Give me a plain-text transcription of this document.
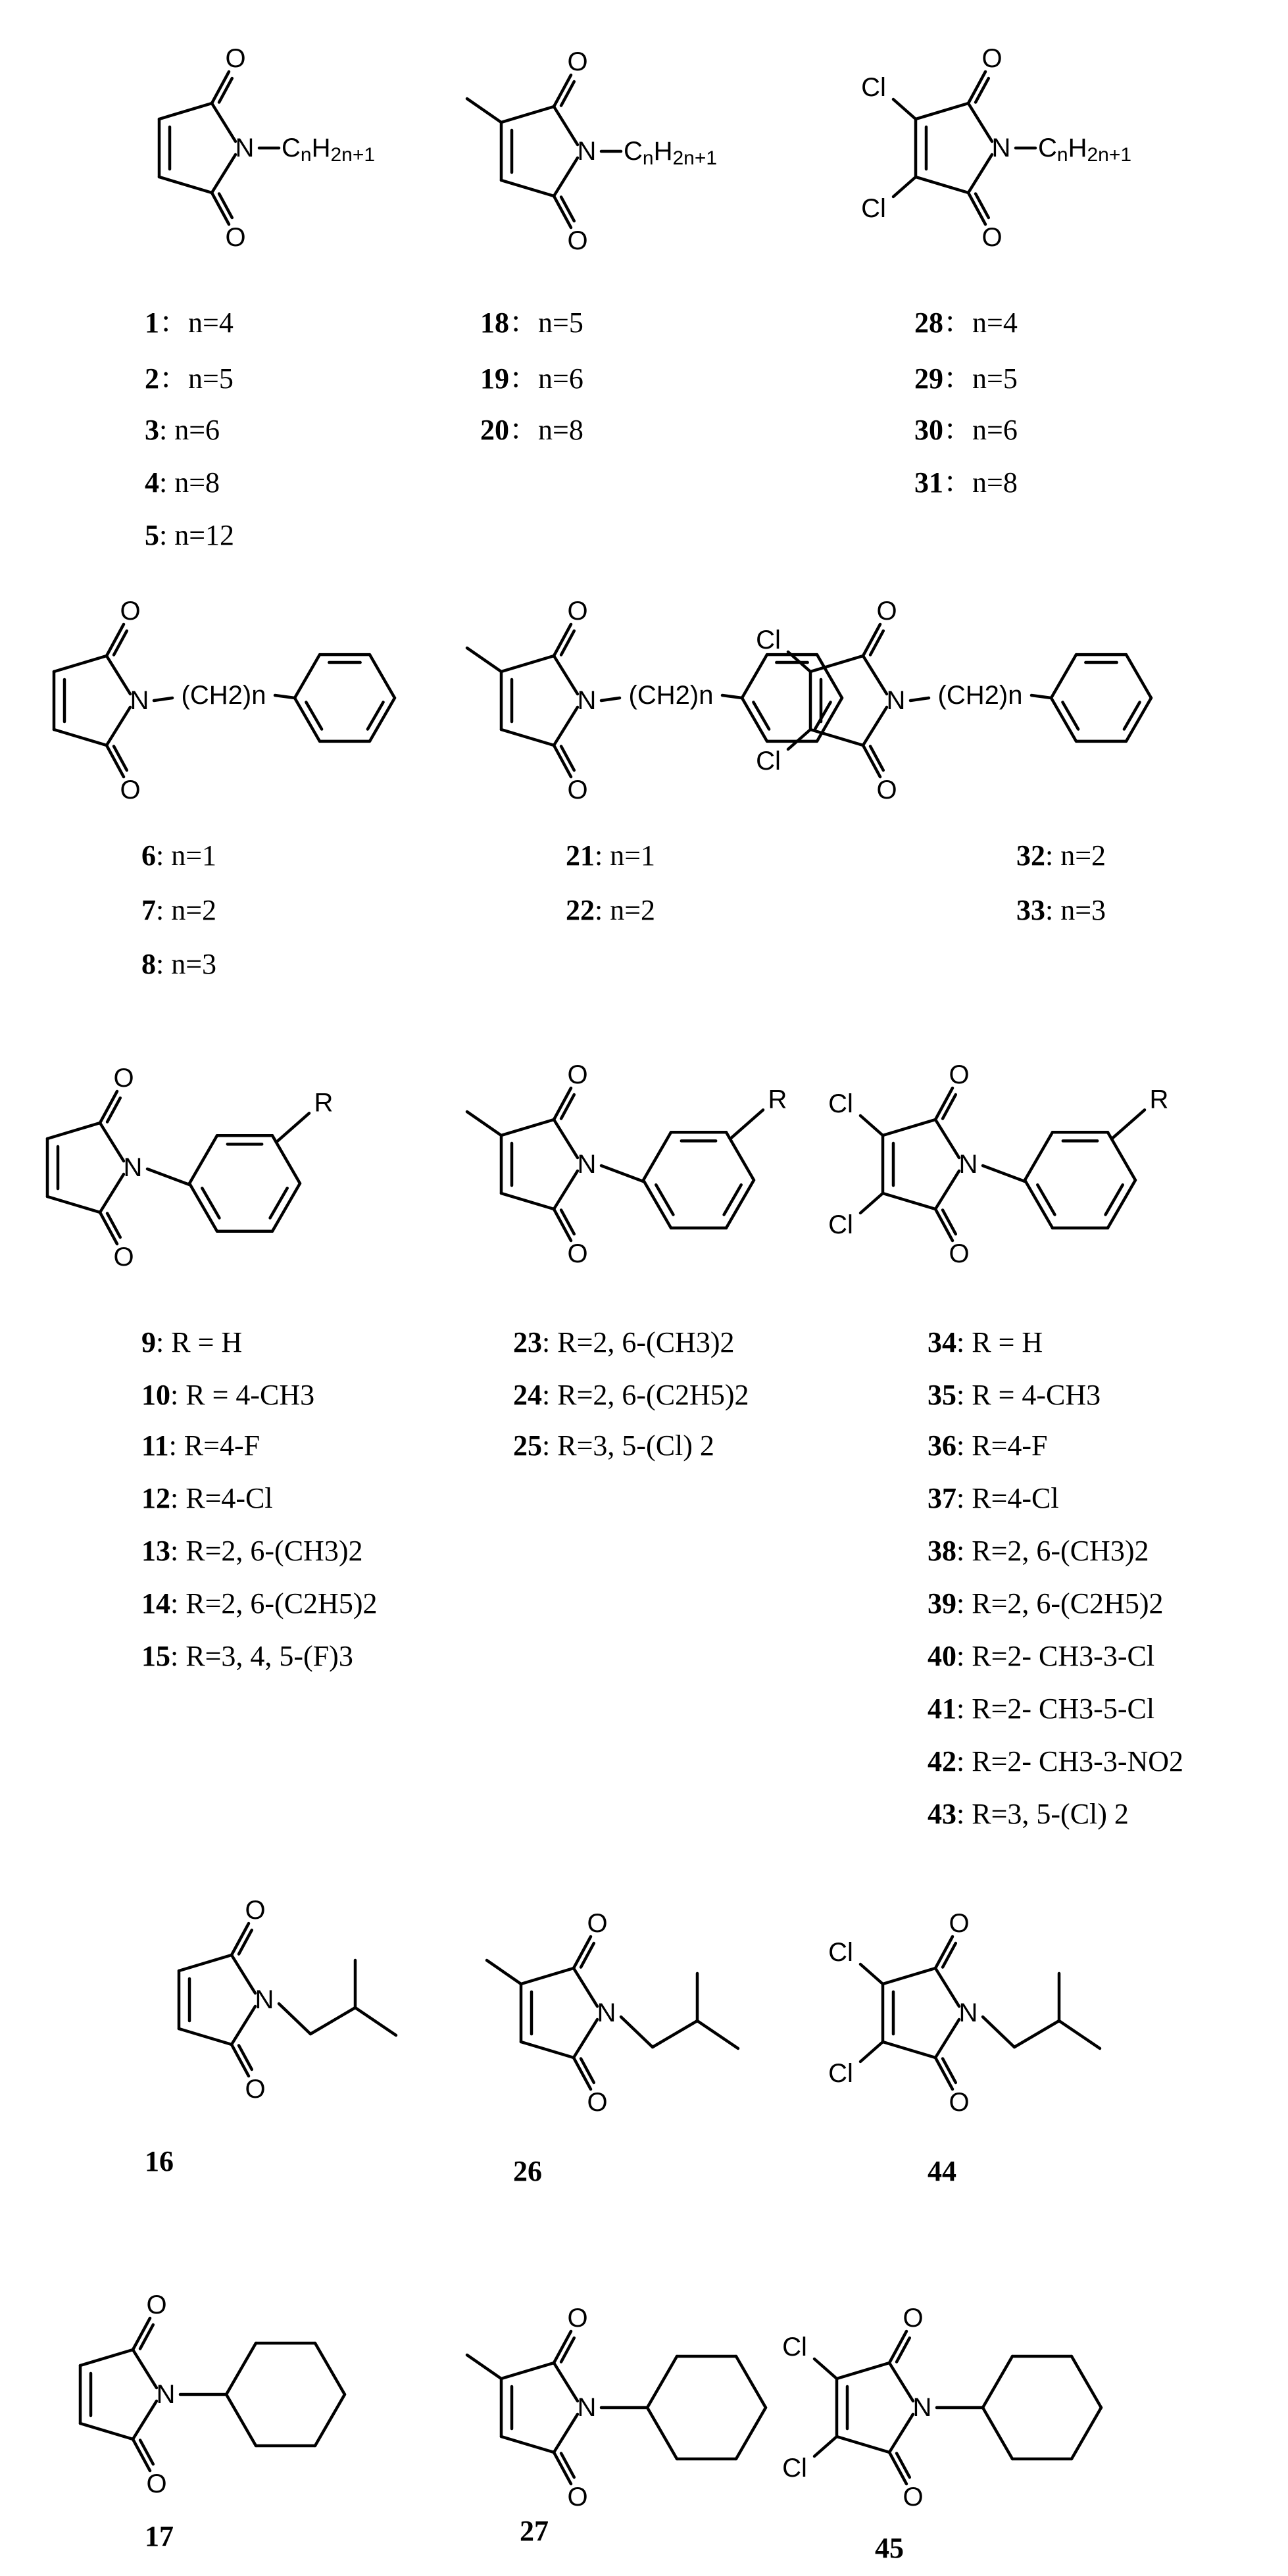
O
O
N $C_nH_{2n+1}$
O
O
N $C_nH_{2n+1}$
O
O
N
Cl
Cl
$C_nH_{2n+1}$
O
O
N (CH2)n
O
O
N (CH2)n
O
O
N
Cl
Cl
(CH2)n
O
O
N
R
O
O
N
R
O
O
N
Cl
Cl
R
O
O
N
O
O
N
O
O
N
Cl
Cl
O
O
N
O
O
N
O
O
N
Cl
Cl
1：n=4
2：n=5
3: n=6
4: n=8
5: n=12
18：n=5
19：n=6
20：n=8
28：n=4
29：n=5
30：n=6
31：n=8
6: n=1
7: n=2
8: n=3
21: n=1
22: n=2
32: n=2
33: n=3
9: R = H
10: R = 4-CH3
11: R=4-F
12: R=4-Cl
13: R=2, 6-(CH3)2
14: R=2, 6-(C2H5)2
15: R=3, 4, 5-(F)3
23: R=2, 6-(CH3)2
24: R=2, 6-(C2H5)2
25: R=3, 5-(Cl) 2
34: R = H
35: R = 4-CH3
36: R=4-F
37: R=4-Cl
38: R=2, 6-(CH3)2
39: R=2, 6-(C2H5)2
40: R=2- CH3-3-Cl
41: R=2- CH3-5-Cl
42: R=2- CH3-3-NO2
43: R=3, 5-(Cl) 2
16	26	44
17	27
45
